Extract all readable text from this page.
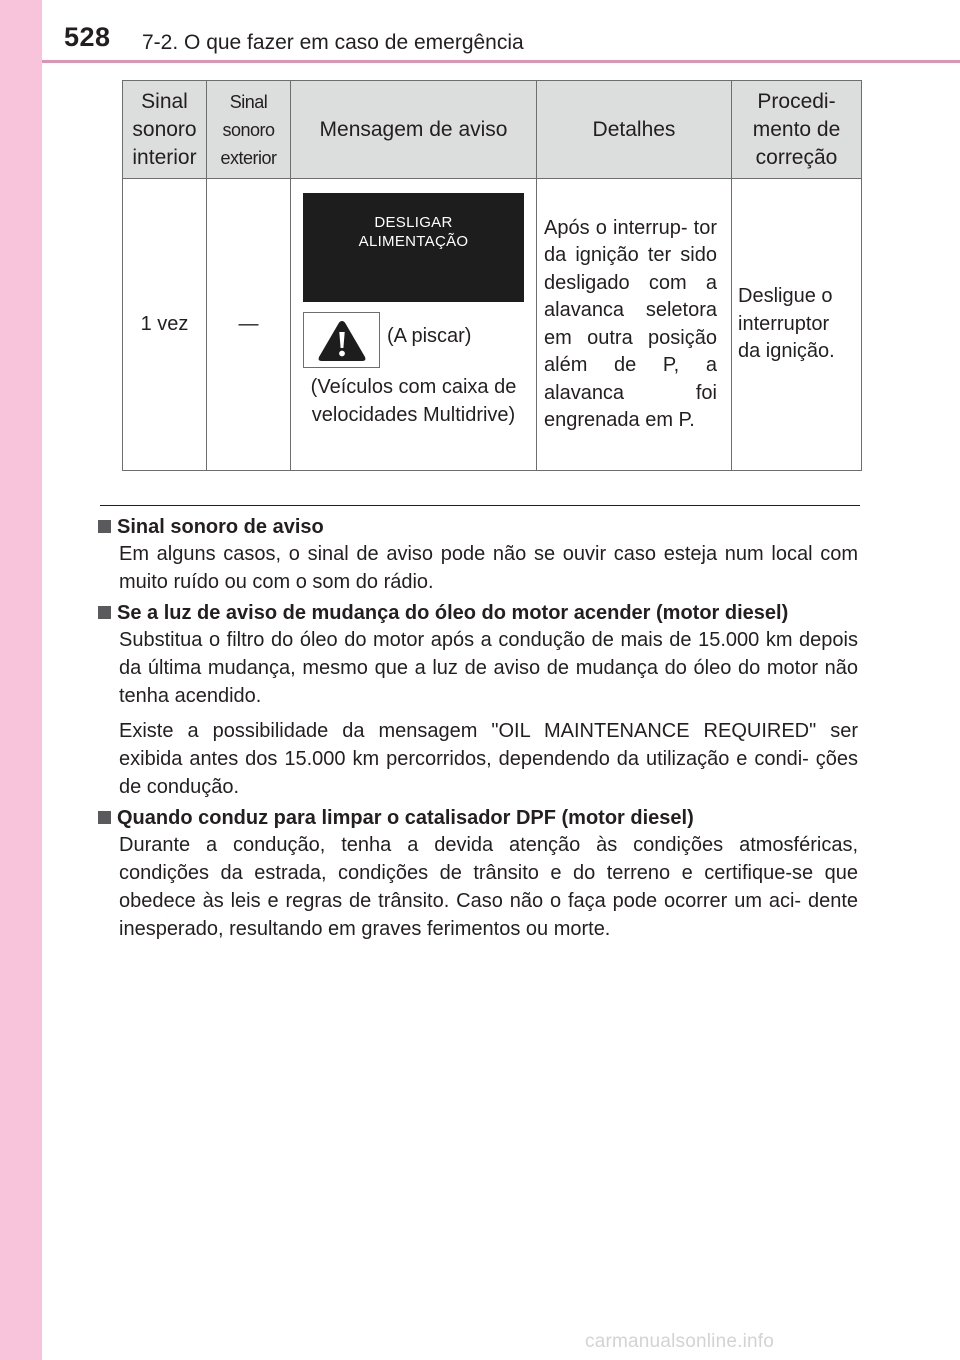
528 7-2. O que fazer em caso de emergência
Sinal sonoro interior	Sinal sonoro exterior	Mensagem de aviso	Detalhes	Procedi- mento de correção
1 vez	—	DESLIGAR
ALIMENTAÇÃO
(A piscar)
(Veículos com caixa de velocidades Multidrive)	Após o interrup- tor da ignição ter sido desligado com a alavanca seletora em outra posição além de P, a alavanca foi engrenada em P.	Desligue o interruptor da ignição.
Sinal sonoro de aviso

Em alguns casos, o sinal de aviso pode não se ouvir caso esteja num local com muito ruído ou com o som do rádio.

Se a luz de aviso de mudança do óleo do motor acender (motor diesel)

Substitua o filtro do óleo do motor após a condução de mais de 15.000 km depois da última mudança, mesmo que a luz de aviso de mudança do óleo do motor não tenha acendido.

Existe a possibilidade da mensagem "OIL MAINTENANCE REQUIRED" ser exibida antes dos 15.000 km percorridos, dependendo da utilização e condi- ções de condução.

Quando conduz para limpar o catalisador DPF (motor diesel)

Durante a condução, tenha a devida atenção às condições atmosféricas, condições da estrada, condições de trânsito e do terreno e certifique-se que obedece às leis e regras de trânsito. Caso não o faça pode ocorrer um aci- dente inesperado, resultando em graves ferimentos ou morte.

carmanualsonline.info
